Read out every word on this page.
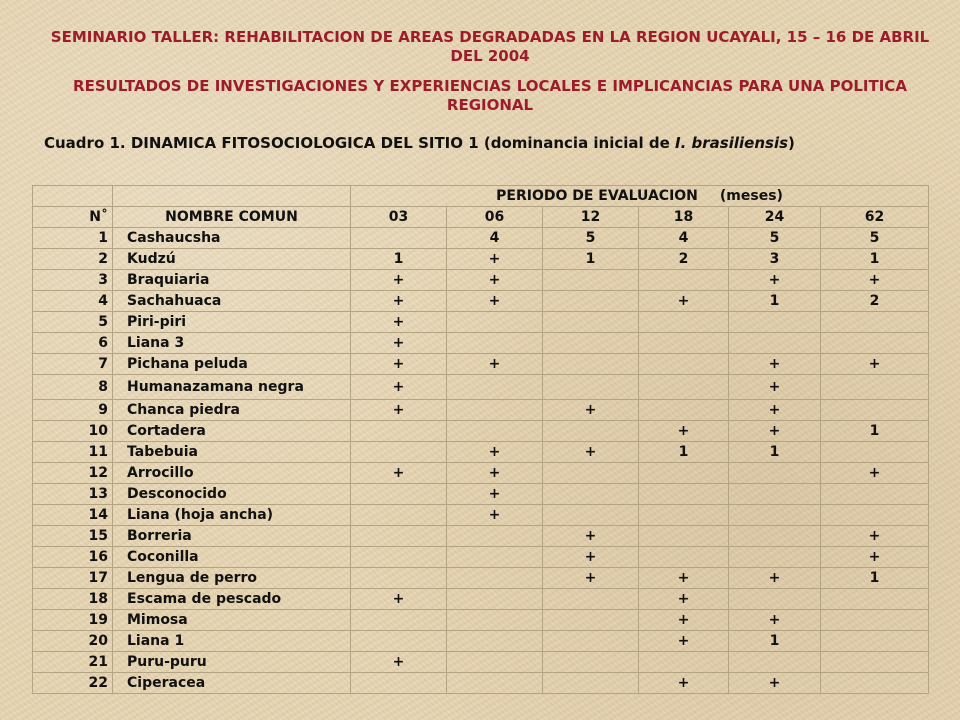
SEMINARIO TALLER: REHABILITACION DE AREAS DEGRADADAS EN LA REGION UCAYALI, 15 – 16 DE ABRIL DEL 2004
RESULTADOS DE INVESTIGACIONES Y EXPERIENCIAS LOCALES E IMPLICANCIAS PARA UNA POLITICA REGIONAL
Cuadro 1. DINAMICA FITOSOCIOLOGICA DEL SITIO 1 (dominancia inicial de I. brasiliensis)
		PERIODO DE EVALUACION (meses)					
N˚	NOMBRE COMUN	03	06	12	18	24	62
1	Cashaucsha		4	5	4	5	5
2	Kudzú	1	+	1	2	3	1
3	Braquiaria	+	+			+	+
4	Sachahuaca	+	+		+	1	2
5	Piri-piri	+					
6	Liana 3	+					
7	Pichana peluda	+	+			+	+
8	Humanazamana negra	+				+	
9	Chanca piedra	+		+		+	
10	Cortadera				+	+	1
11	Tabebuia		+	+	1	1	
12	Arrocillo	+	+				+
13	Desconocido		+				
14	Liana (hoja ancha)		+				
15	Borreria			+			+
16	Coconilla			+			+
17	Lengua de perro			+	+	+	1
18	Escama de pescado	+			+		
19	Mimosa				+	+	
20	Liana 1				+	1	
21	Puru-puru	+					
22	Ciperacea				+	+	
